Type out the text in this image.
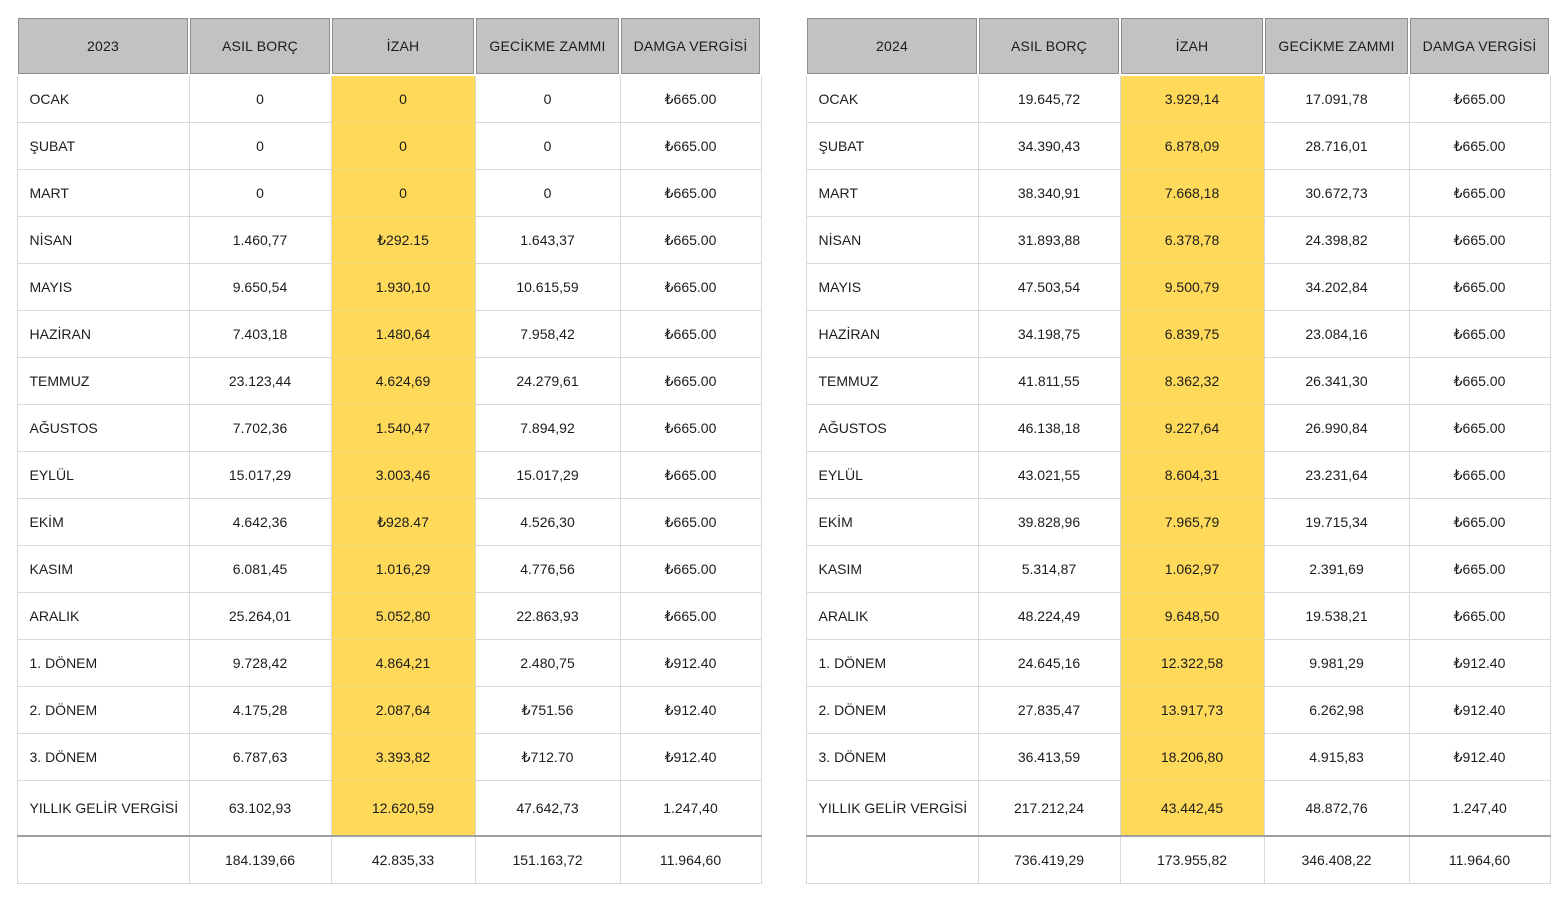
2023	ASIL BORÇ	İZAH	GECİKME ZAMMI	DAMGA VERGİSİ
OCAK	0	0	0	₺665.00
ŞUBAT	0	0	0	₺665.00
MART	0	0	0	₺665.00
NİSAN	1.460,77	₺292.15	1.643,37	₺665.00
MAYIS	9.650,54	1.930,10	10.615,59	₺665.00
HAZİRAN	7.403,18	1.480,64	7.958,42	₺665.00
TEMMUZ	23.123,44	4.624,69	24.279,61	₺665.00
AĞUSTOS	7.702,36	1.540,47	7.894,92	₺665.00
EYLÜL	15.017,29	3.003,46	15.017,29	₺665.00
EKİM	4.642,36	₺928.47	4.526,30	₺665.00
KASIM	6.081,45	1.016,29	4.776,56	₺665.00
ARALIK	25.264,01	5.052,80	22.863,93	₺665.00
1. DÖNEM	9.728,42	4.864,21	2.480,75	₺912.40
2. DÖNEM	4.175,28	2.087,64	₺751.56	₺912.40
3. DÖNEM	6.787,63	3.393,82	₺712.70	₺912.40
YILLIK GELİR VERGİSİ	63.102,93	12.620,59	47.642,73	1.247,40
	184.139,66	42.835,33	151.163,72	11.964,60
2024	ASIL BORÇ	İZAH	GECİKME ZAMMI	DAMGA VERGİSİ
OCAK	19.645,72	3.929,14	17.091,78	₺665.00
ŞUBAT	34.390,43	6.878,09	28.716,01	₺665.00
MART	38.340,91	7.668,18	30.672,73	₺665.00
NİSAN	31.893,88	6.378,78	24.398,82	₺665.00
MAYIS	47.503,54	9.500,79	34.202,84	₺665.00
HAZİRAN	34.198,75	6.839,75	23.084,16	₺665.00
TEMMUZ	41.811,55	8.362,32	26.341,30	₺665.00
AĞUSTOS	46.138,18	9.227,64	26.990,84	₺665.00
EYLÜL	43.021,55	8.604,31	23.231,64	₺665.00
EKİM	39.828,96	7.965,79	19.715,34	₺665.00
KASIM	5.314,87	1.062,97	2.391,69	₺665.00
ARALIK	48.224,49	9.648,50	19.538,21	₺665.00
1. DÖNEM	24.645,16	12.322,58	9.981,29	₺912.40
2. DÖNEM	27.835,47	13.917,73	6.262,98	₺912.40
3. DÖNEM	36.413,59	18.206,80	4.915,83	₺912.40
YILLIK GELİR VERGİSİ	217.212,24	43.442,45	48.872,76	1.247,40
	736.419,29	173.955,82	346.408,22	11.964,60
